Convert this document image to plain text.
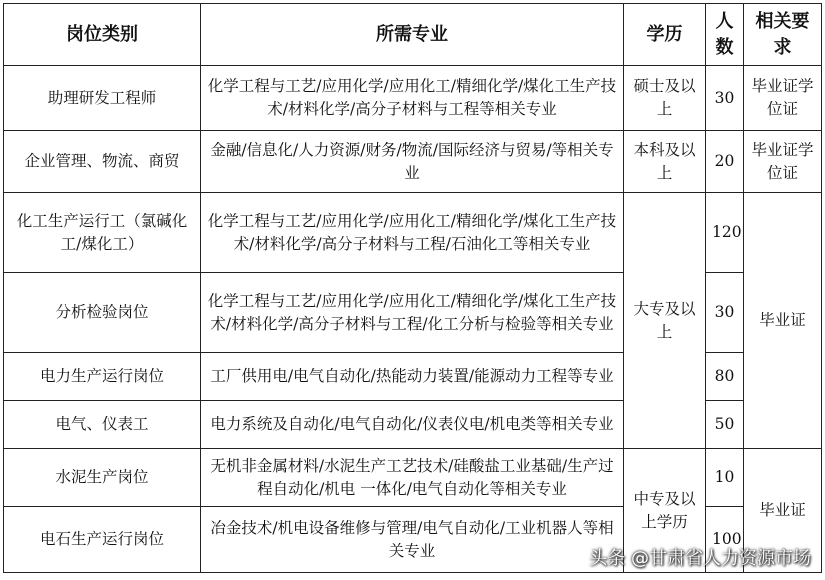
岗位类别	所需专业	学历	人数	相关要求
助理研发工程师	化学工程与工艺/应用化学/应用化工/精细化学/煤化工生产技术/材料化学/高分子材料与工程等相关专业	硕士及以上	30	毕业证学位证
企业管理、物流、商贸	金融/信息化/人力资源/财务/物流/国际经济与贸易/等相关专业	本科及以上	20	毕业证学位证
化工生产运行工（氯碱化工/煤化工）	化学工程与工艺/应用化学/应用化工/精细化学/煤化工生产技术/材料化学/高分子材料与工程/石油化工等相关专业	大专及以上	120	毕业证
分析检验岗位	化学工程与工艺/应用化学/应用化工/精细化学/煤化工生产技术/材料化学/高分子材料与工程/化工分析与检验等相关专业		30	
电力生产运行岗位	工厂供用电/电气自动化/热能动力装置/能源动力工程等专业		80	
电气、仪表工	电力系统及自动化/电气自动化/仪表仪电/机电类等相关专业		50	
水泥生产岗位	无机非金属材料/水泥生产工艺技术/硅酸盐工业基础/生产过程自动化/机电 一体化/电气自动化等相关专业	中专及以上学历	10	毕业证
电石生产运行岗位	冶金技术/机电设备维修与管理/电气自动化/工业机器人等相关专业		100	
头条 @甘肃省人力资源市场
